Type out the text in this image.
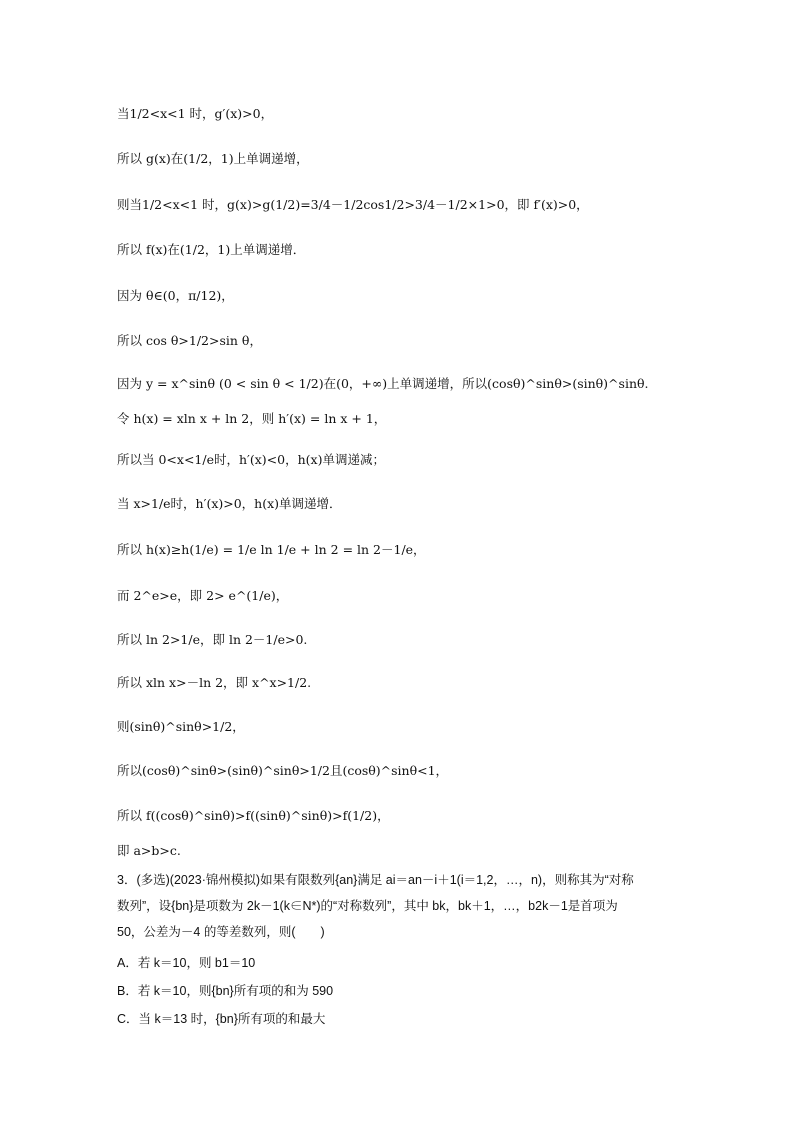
当1/2<x<1 时，g′(x)>0，
所以 g(x)在(1/2，1)上单调递增，
则当1/2<x<1 时，g(x)>g(1/2)=3/4－1/2cos1/2>3/4－1/2×1>0，即 f′(x)>0，
所以 f(x)在(1/2，1)上单调递增．
因为 θ∈(0，π/12)，
所以 cos θ>1/2>sin θ，
因为 y = x^sinθ (0 < sin θ < 1/2)在(0，+∞)上单调递增，所以(cosθ)^sinθ>(sinθ)^sinθ.
令 h(x) = xln x + ln 2，则 h′(x) = ln x + 1，
所以当 0<x<1/e时，h′(x)<0，h(x)单调递减；
当 x>1/e时，h′(x)>0，h(x)单调递增．
所以 h(x)≥h(1/e) = 1/e ln 1/e + ln 2 = ln 2－1/e，
而 2^e>e，即 2> e^(1/e)，
所以 ln 2>1/e，即 ln 2－1/e>0.
所以 xln x>－ln 2，即 x^x>1/2.
则(sinθ)^sinθ>1/2，
所以(cosθ)^sinθ>(sinθ)^sinθ>1/2且(cosθ)^sinθ<1，
所以 f((cosθ)^sinθ)>f((sinθ)^sinθ)>f(1/2)，
即 a>b>c.
3．(多选)(2023·锦州模拟)如果有限数列{an}满足 ai＝an－i＋1(i＝1,2，…，n)，则称其为“对称
数列”，设{bn}是项数为 2k－1(k∈N*)的“对称数列”，其中 bk，bk＋1，…，b2k－1是首项为
50，公差为－4 的等差数列，则(　　)
A．若 k＝10，则 b1＝10
B．若 k＝10，则{bn}所有项的和为 590
C．当 k＝13 时，{bn}所有项的和最大
